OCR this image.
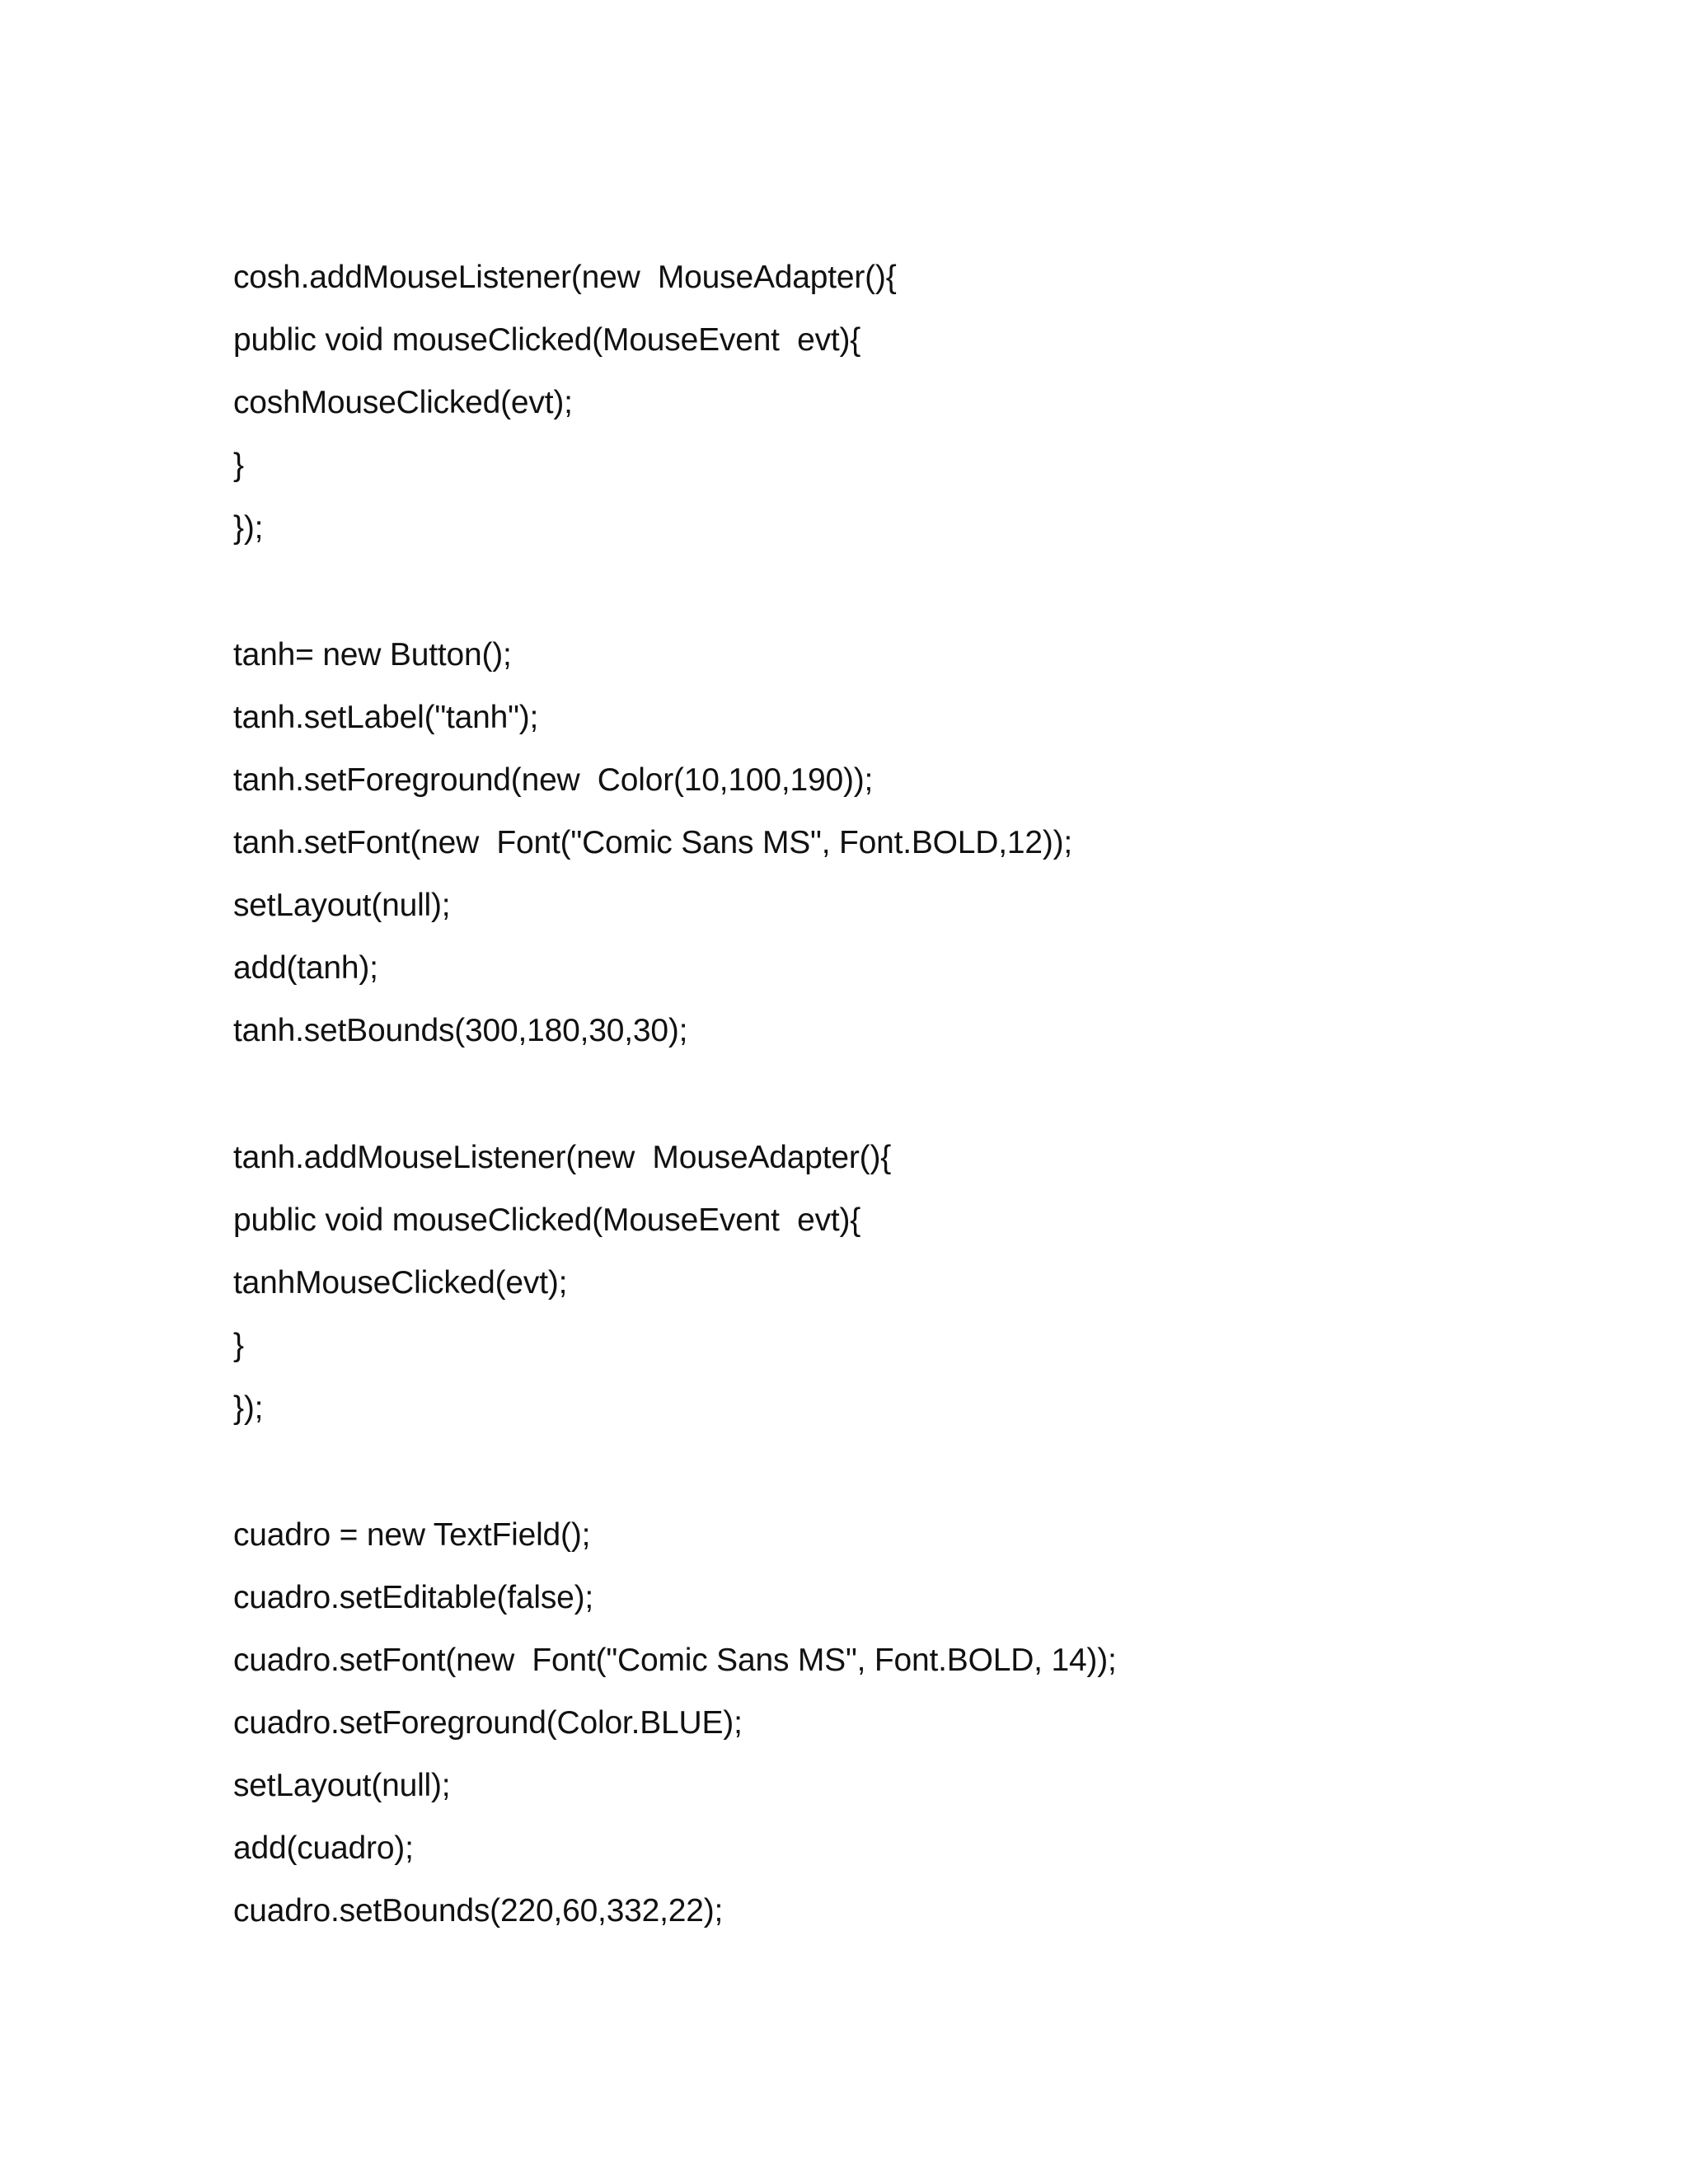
cosh.addMouseListener(new  MouseAdapter(){
public void mouseClicked(MouseEvent  evt){
coshMouseClicked(evt);
}
});
tanh= new Button();
tanh.setLabel("tanh");
tanh.setForeground(new  Color(10,100,190));
tanh.setFont(new  Font("Comic Sans MS", Font.BOLD,12));
setLayout(null);
add(tanh);
tanh.setBounds(300,180,30,30);
tanh.addMouseListener(new  MouseAdapter(){
public void mouseClicked(MouseEvent  evt){
tanhMouseClicked(evt);
}
});
cuadro = new TextField();
cuadro.setEditable(false);
cuadro.setFont(new  Font("Comic Sans MS", Font.BOLD, 14));
cuadro.setForeground(Color.BLUE);
setLayout(null);
add(cuadro);
cuadro.setBounds(220,60,332,22);
